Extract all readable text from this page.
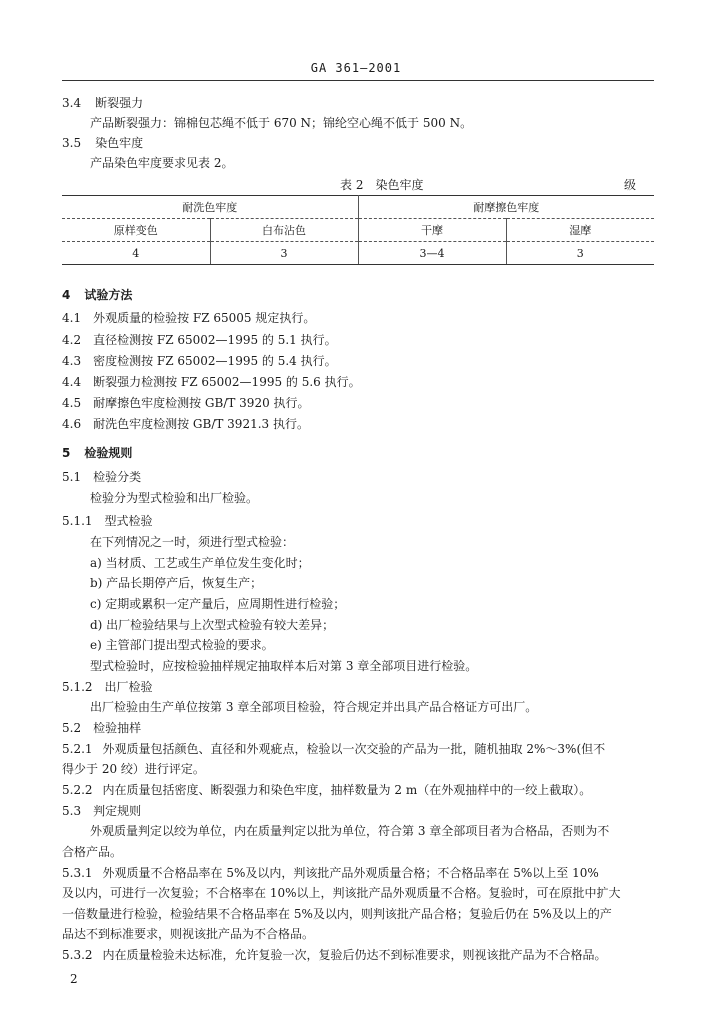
GA 361—2001
3.4 断裂强力
产品断裂强力：锦棉包芯绳不低于 670 N；锦纶空心绳不低于 500 N。
3.5 染色牢度
产品染色牢度要求见表 2。
表 2　染色牢度	级
耐洗色牢度		耐摩擦色牢度	
原样变色	白布沾色	干摩	湿摩
4	3	3—4	3
4 试验方法
4.1 外观质量的检验按 FZ 65005 规定执行。
4.2 直径检测按 FZ 65002—1995 的 5.1 执行。
4.3 密度检测按 FZ 65002—1995 的 5.4 执行。
4.4 断裂强力检测按 FZ 65002—1995 的 5.6 执行。
4.5 耐摩擦色牢度检测按 GB/T 3920 执行。
4.6 耐洗色牢度检测按 GB/T 3921.3 执行。
5 检验规则
5.1 检验分类
检验分为型式检验和出厂检验。
5.1.1 型式检验
在下列情况之一时，须进行型式检验：
a) 当材质、工艺或生产单位发生变化时；
b) 产品长期停产后，恢复生产；
c) 定期或累积一定产量后，应周期性进行检验；
d) 出厂检验结果与上次型式检验有较大差异；
e) 主管部门提出型式检验的要求。
型式检验时，应按检验抽样规定抽取样本后对第 3 章全部项目进行检验。
5.1.2 出厂检验
出厂检验由生产单位按第 3 章全部项目检验，符合规定并出具产品合格证方可出厂。
5.2 检验抽样
5.2.1 外观质量包括颜色、直径和外观疵点，检验以一次交验的产品为一批，随机抽取 2%～3%(但不
得少于 20 绞）进行评定。
5.2.2 内在质量包括密度、断裂强力和染色牢度，抽样数量为 2 m（在外观抽样中的一绞上截取）。
5.3 判定规则
外观质量判定以绞为单位，内在质量判定以批为单位，符合第 3 章全部项目者为合格品，否则为不
合格产品。
5.3.1 外观质量不合格品率在 5%及以内，判该批产品外观质量合格；不合格品率在 5%以上至 10%
及以内，可进行一次复验；不合格率在 10%以上，判该批产品外观质量不合格。复验时，可在原批中扩大
一倍数量进行检验，检验结果不合格品率在 5%及以内，则判该批产品合格；复验后仍在 5%及以上的产
品达不到标准要求，则视该批产品为不合格品。
5.3.2 内在质量检验未达标准，允许复验一次，复验后仍达不到标准要求，则视该批产品为不合格品。
2
